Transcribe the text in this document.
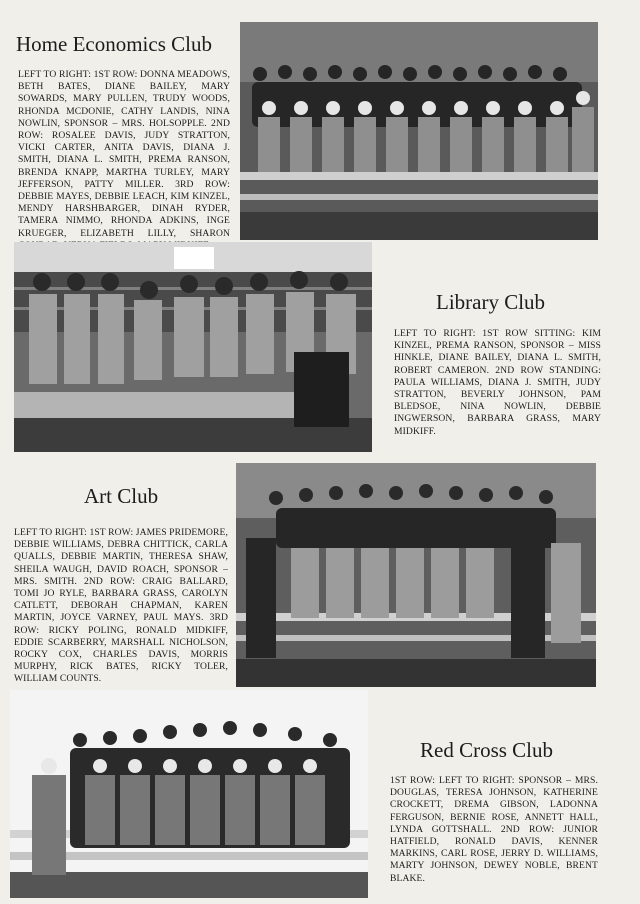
Home Economics Club

LEFT TO RIGHT: 1ST ROW: DONNA MEADOWS, BETH BATES, DIANE BAILEY, MARY SOWARDS, MARY PULLEN, TRUDY WOODS, RHONDA MCDONIE, CATHY LANDIS, NINA NOWLIN, SPONSOR – MRS. HOLSOPPLE. 2ND ROW: ROSALEE DAVIS, JUDY STRATTON, VICKI CARTER, ANITA DAVIS, DIANA J. SMITH, DIANA L. SMITH, PREMA RANSON, BRENDA KNAPP, MARTHA TURLEY, MARY JEFFERSON, PATTY MILLER. 3RD ROW: DEBBIE MAYES, DEBBIE LEACH, KIM KINZEL, MENDY HARSHBARGER, DINAH RYDER, TAMERA NIMMO, RHONDA ADKINS, INGE KRUEGER, ELIZABETH LILLY, SHARON

Library Club

LEFT TO RIGHT: 1ST ROW SITTING: KIM KINZEL, PREMA RANSON, SPONSOR – MISS HINKLE, DIANE BAILEY, DIANA L. SMITH, ROBERT CAMERON. 2ND ROW STANDING: PAULA WILLIAMS, DIANA J. SMITH, JUDY STRATTON, BEVERLY JOHNSON, PAM BLEDSOE, NINA NOWLIN, DEBBIE INGWERSON, BARBARA GRASS, MARY MIDKIFF.

Art Club

LEFT TO RIGHT: 1ST ROW: JAMES PRIDEMORE, DEBBIE WILLIAMS, DEBRA CHITTICK, CARLA QUALLS, DEBBIE MARTIN, THERESA SHAW, SHEILA WAUGH, DAVID ROACH, SPONSOR – MRS. SMITH. 2ND ROW: CRAIG BALLARD, TOMI JO RYLE, BARBARA GRASS, CAROLYN CATLETT, DEBORAH CHAPMAN, KAREN MARTIN, JOYCE VARNEY, PAUL MAYS. 3RD ROW: RICKY POLING, RONALD MIDKIFF, EDDIE SCARBERRY, MARSHALL NICHOLSON, ROCKY COX, CHARLES DAVIS, MORRIS MURPHY, RICK BATES, RICKY TOLER, WILLIAM COUNTS.

Red Cross Club

1ST ROW: LEFT TO RIGHT: SPONSOR – MRS. DOUGLAS, TERESA JOHNSON, KATHERINE CROCKETT, DREMA GIBSON, LADONNA FERGUSON, BERNIE ROSE, ANNETT HALL, LYNDA GOTTSHALL. 2ND ROW: JUNIOR HATFIELD, RONALD DAVIS, KENNER MARKINS, CARL ROSE, JERRY D. WILLIAMS, MARTY JOHNSON, DEWEY NOBLE, BRENT BLAKE.
